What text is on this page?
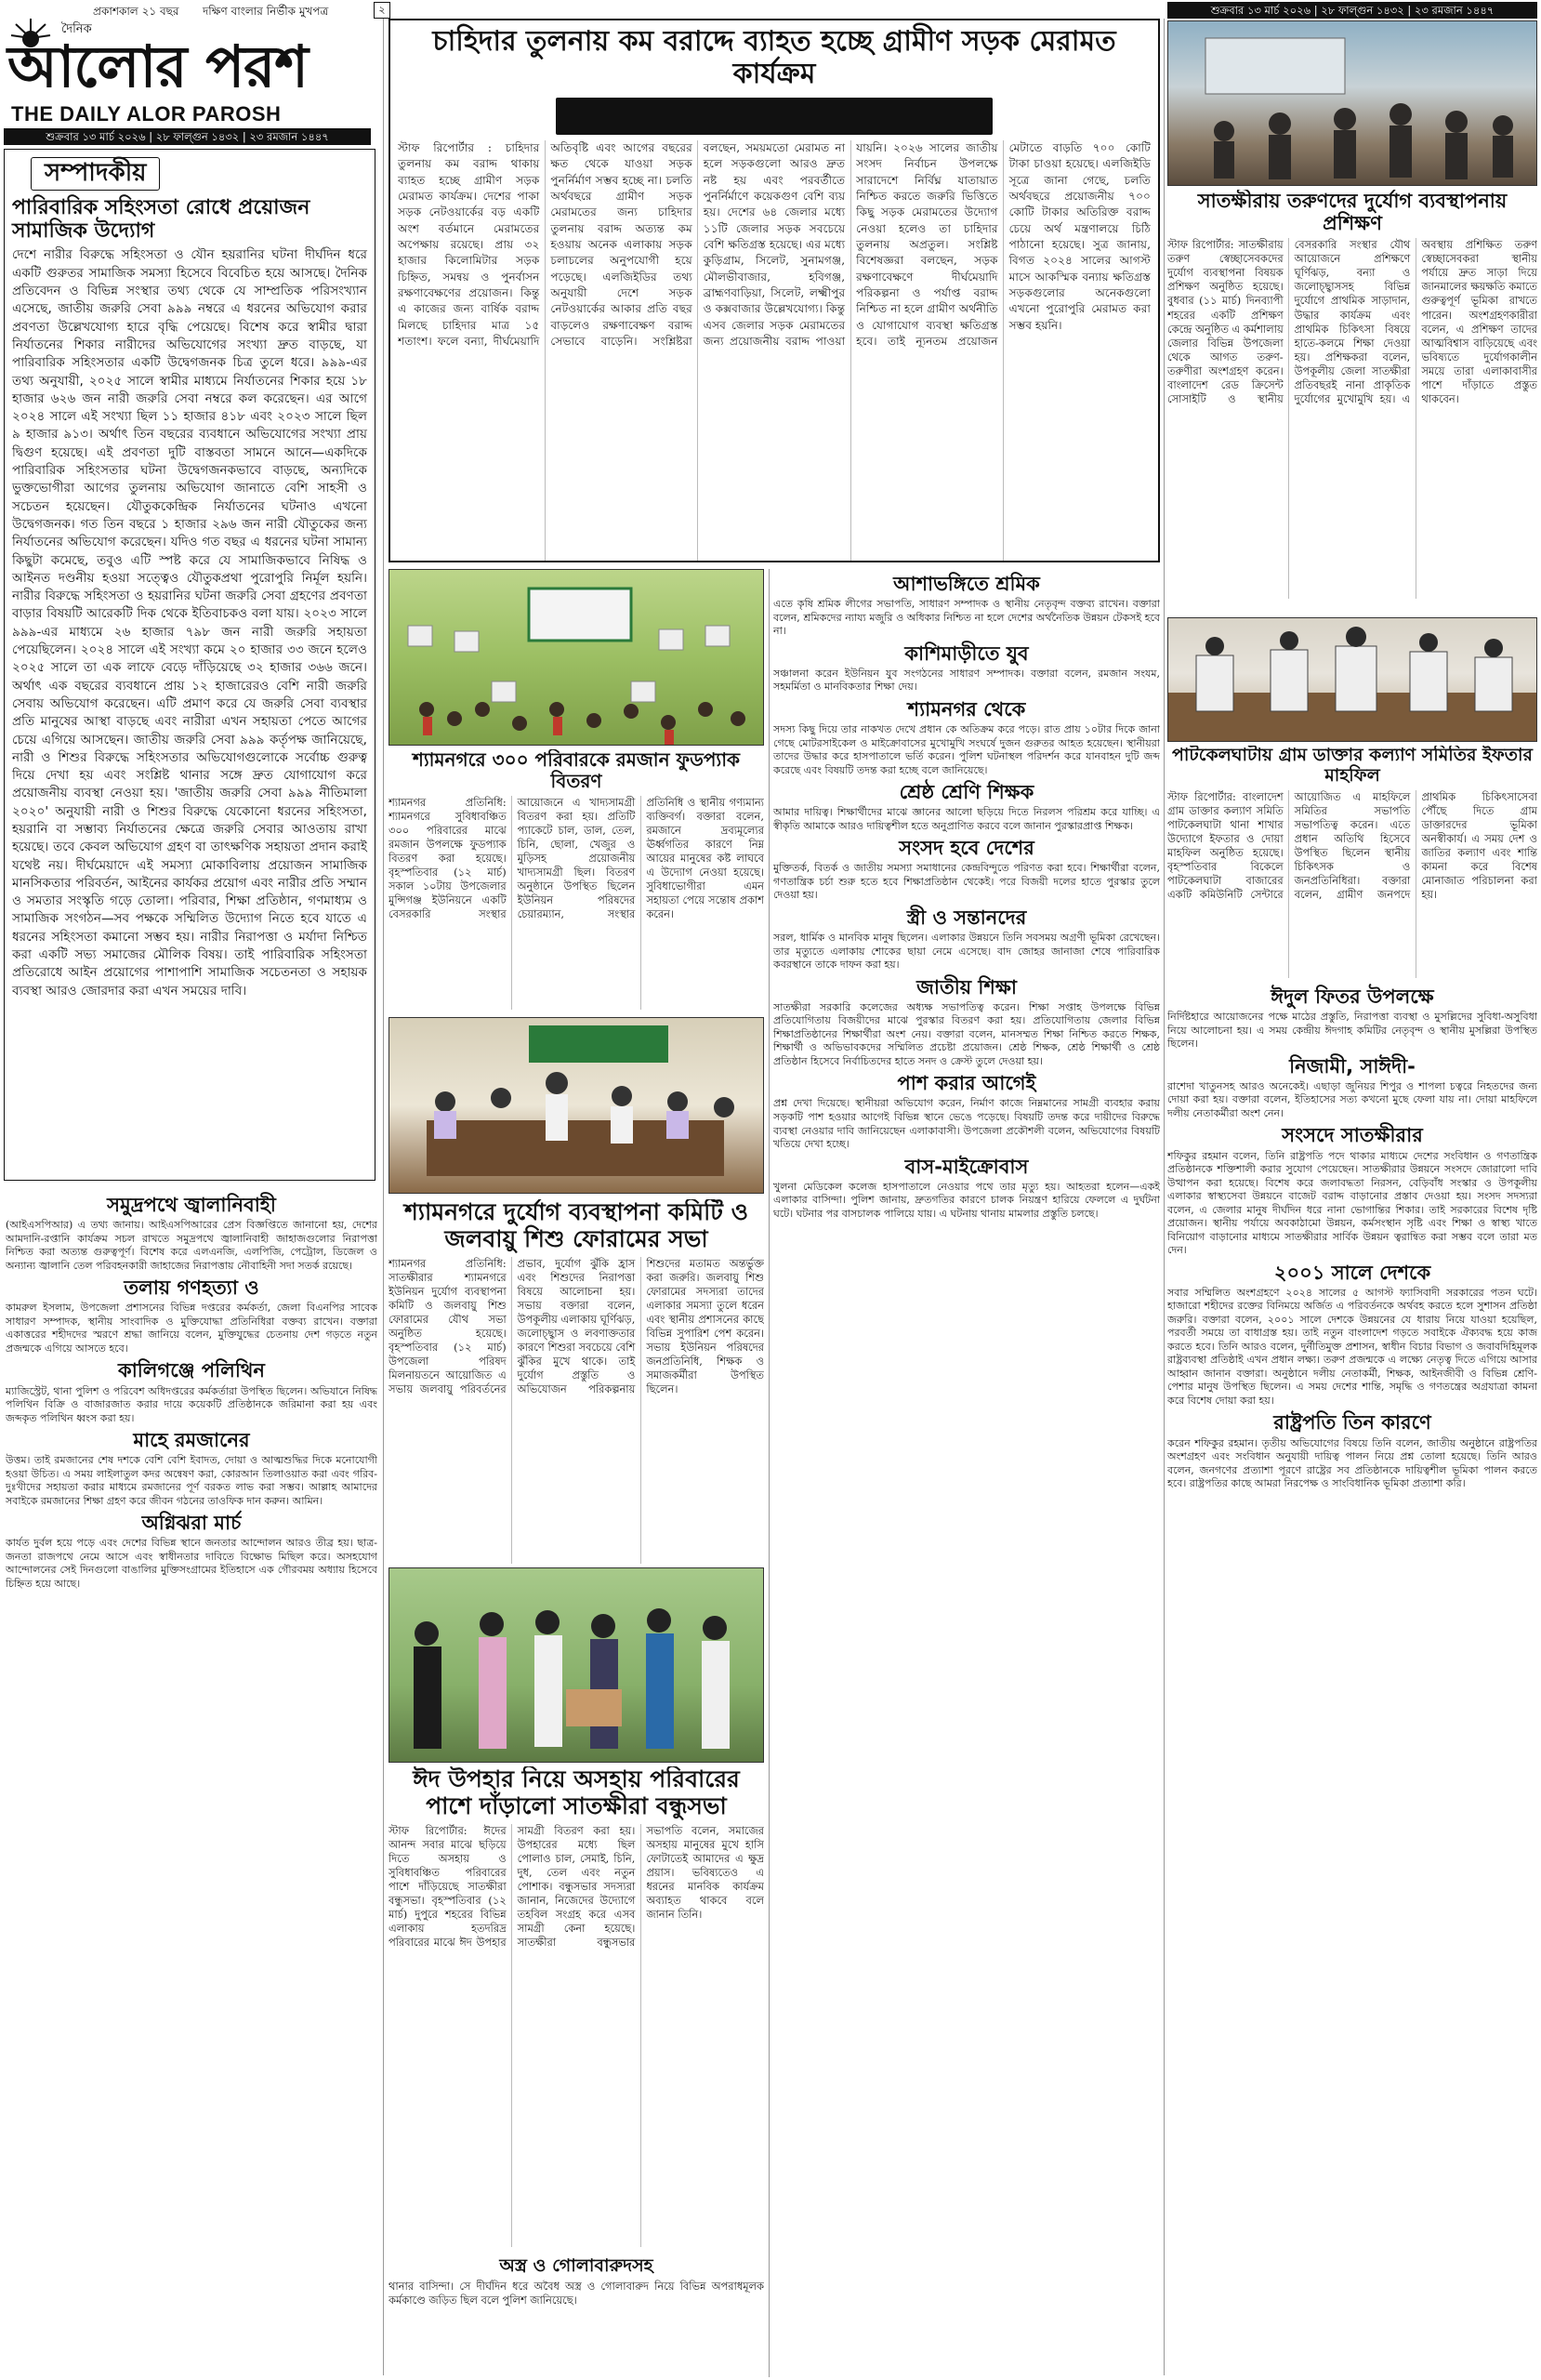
প্রকাশকাল ২১ বছর দক্ষিণ বাংলার নির্ভীক মুখপত্র
দৈনিক
আলোর পরশ
THE DAILY ALOR PAROSH
শুক্রবার ১৩ মার্চ ২০২৬ | ২৮ ফাল্গুন ১৪৩২ | ২৩ রমজান ১৪৪৭
২	শুক্রবার ১৩ মার্চ ২০২৬ | ২৮ ফাল্গুন ১৪৩২ | ২৩ রমজান ১৪৪৭
সম্পাদকীয়
পারিবারিক সহিংসতা রোধে প্রয়োজন সামাজিক উদ্যোগ

দেশে নারীর বিরুদ্ধে সহিংসতা ও যৌন হয়রানির ঘটনা দীর্ঘদিন ধরে একটি গুরুতর সামাজিক সমস্যা হিসেবে বিবেচিত হয়ে আসছে। দৈনিক প্রতিবেদন ও বিভিন্ন সংস্থার তথ্য থেকে যে সাম্প্রতিক পরিসংখ্যান এসেছে, জাতীয় জরুরি সেবা ৯৯৯ নম্বরে এ ধরনের অভিযোগ করার প্রবণতা উল্লেখযোগ্য হারে বৃদ্ধি পেয়েছে। বিশেষ করে স্বামীর দ্বারা নির্যাতনের শিকার নারীদের অভিযোগের সংখ্যা দ্রুত বাড়ছে, যা পারিবারিক সহিংসতার একটি উদ্বেগজনক চিত্র তুলে ধরে। ৯৯৯-এর তথ্য অনুযায়ী, ২০২৫ সালে স্বামীর মাধ্যমে নির্যাতনের শিকার হয়ে ১৮ হাজার ৬২৬ জন নারী জরুরি সেবা নম্বরে কল করেছেন। এর আগে ২০২৪ সালে এই সংখ্যা ছিল ১১ হাজার ৪১৮ এবং ২০২৩ সালে ছিল ৯ হাজার ৯১৩। অর্থাৎ তিন বছরের ব্যবধানে অভিযোগের সংখ্যা প্রায় দ্বিগুণ হয়েছে। এই প্রবণতা দুটি বাস্তবতা সামনে আনে—একদিকে পারিবারিক সহিংসতার ঘটনা উদ্বেগজনকভাবে বাড়ছে, অন্যদিকে ভুক্তভোগীরা আগের তুলনায় অভিযোগ জানাতে বেশি সাহসী ও সচেতন হয়েছেন। যৌতুককেন্দ্রিক নির্যাতনের ঘটনাও এখনো উদ্বেগজনক। গত তিন বছরে ১ হাজার ২৯৬ জন নারী যৌতুকের জন্য নির্যাতনের অভিযোগ করেছেন। যদিও গত বছর এ ধরনের ঘটনা সামান্য কিছুটা কমেছে, তবুও এটি স্পষ্ট করে যে সামাজিকভাবে নিষিদ্ধ ও আইনত দণ্ডনীয় হওয়া সত্ত্বেও যৌতুকপ্রথা পুরোপুরি নির্মূল হয়নি। নারীর বিরুদ্ধে সহিংসতা ও হয়রানির ঘটনা জরুরি সেবা গ্রহণের প্রবণতা বাড়ার বিষয়টি আরেকটি দিক থেকে ইতিবাচকও বলা যায়। ২০২৩ সালে ৯৯৯-এর মাধ্যমে ২৬ হাজার ৭৯৮ জন নারী জরুরি সহায়তা পেয়েছিলেন। ২০২৪ সালে এই সংখ্যা কমে ২০ হাজার ৩৩ জনে হলেও ২০২৫ সালে তা এক লাফে বেড়ে দাঁড়িয়েছে ৩২ হাজার ৩৬৬ জনে। অর্থাৎ এক বছরের ব্যবধানে প্রায় ১২ হাজারেরও বেশি নারী জরুরি সেবায় অভিযোগ করেছেন। এটি প্রমাণ করে যে জরুরি সেবা ব্যবস্থার প্রতি মানুষের আস্থা বাড়ছে এবং নারীরা এখন সহায়তা পেতে আগের চেয়ে এগিয়ে আসছেন। জাতীয় জরুরি সেবা ৯৯৯ কর্তৃপক্ষ জানিয়েছে, নারী ও শিশুর বিরুদ্ধে সহিংসতার অভিযোগগুলোকে সর্বোচ্চ গুরুত্ব দিয়ে দেখা হয় এবং সংশ্লিষ্ট থানার সঙ্গে দ্রুত যোগাযোগ করে প্রয়োজনীয় ব্যবস্থা নেওয়া হয়। 'জাতীয় জরুরি সেবা ৯৯৯ নীতিমালা ২০২০' অনুযায়ী নারী ও শিশুর বিরুদ্ধে যেকোনো ধরনের সহিংসতা, হয়রানি বা সম্ভাব্য নির্যাতনের ক্ষেত্রে জরুরি সেবার আওতায় রাখা হয়েছে। তবে কেবল অভিযোগ গ্রহণ বা তাৎক্ষণিক সহায়তা প্রদান করাই যথেষ্ট নয়। দীর্ঘমেয়াদে এই সমস্যা মোকাবিলায় প্রয়োজন সামাজিক মানসিকতার পরিবর্তন, আইনের কার্যকর প্রয়োগ এবং নারীর প্রতি সম্মান ও সমতার সংস্কৃতি গড়ে তোলা। পরিবার, শিক্ষা প্রতিষ্ঠান, গণমাধ্যম ও সামাজিক সংগঠন—সব পক্ষকে সম্মিলিত উদ্যোগ নিতে হবে যাতে এ ধরনের সহিংসতা কমানো সম্ভব হয়। নারীর নিরাপত্তা ও মর্যাদা নিশ্চিত করা একটি সভ্য সমাজের মৌলিক বিষয়। তাই পারিবারিক সহিংসতা প্রতিরোধে আইন প্রয়োগের পাশাপাশি সামাজিক সচেতনতা ও সহায়ক ব্যবস্থা আরও জোরদার করা এখন সময়ের দাবি।

চাহিদার তুলনায় কম বরাদ্দে ব্যাহত হচ্ছে গ্রামীণ সড়ক মেরামত কার্যক্রম

স্টাফ রিপোর্টার : চাহিদার তুলনায় কম বরাদ্দ থাকায় ব্যাহত হচ্ছে গ্রামীণ সড়ক মেরামত কার্যক্রম। দেশের পাকা সড়ক নেটওয়ার্কের বড় একটি অংশ বর্তমানে মেরামতের অপেক্ষায় রয়েছে। প্রায় ৩২ হাজার কিলোমিটার সড়ক চিহ্নিত, সমন্বয় ও পুনর্বাসন রক্ষণাবেক্ষণের প্রয়োজন। কিন্তু এ কাজের জন্য বার্ষিক বরাদ্দ মিলছে চাহিদার মাত্র ১৫ শতাংশ। ফলে বন্যা, দীর্ঘমেয়াদি অতিবৃষ্টি এবং আগের বছরের ক্ষত থেকে যাওয়া সড়ক পুনর্নির্মাণ সম্ভব হচ্ছে না। চলতি অর্থবছরে গ্রামীণ সড়ক মেরামতের জন্য চাহিদার তুলনায় বরাদ্দ অত্যন্ত কম হওয়ায় অনেক এলাকায় সড়ক চলাচলের অনুপযোগী হয়ে পড়েছে। এলজিইডির তথ্য অনুযায়ী দেশে সড়ক নেটওয়ার্কের আকার প্রতি বছর বাড়লেও রক্ষণাবেক্ষণ বরাদ্দ সেভাবে বাড়েনি। সংশ্লিষ্টরা বলছেন, সময়মতো মেরামত না হলে সড়কগুলো আরও দ্রুত নষ্ট হয় এবং পরবর্তীতে পুনর্নির্মাণে কয়েকগুণ বেশি ব্যয় হয়। দেশের ৬৪ জেলার মধ্যে ১১টি জেলার সড়ক সবচেয়ে বেশি ক্ষতিগ্রস্ত হয়েছে। এর মধ্যে কুড়িগ্রাম, সিলেট, সুনামগঞ্জ, মৌলভীবাজার, হবিগঞ্জ, ব্রাহ্মণবাড়িয়া, সিলেট, লক্ষ্মীপুর ও কক্সবাজার উল্লেখযোগ্য। কিন্তু এসব জেলার সড়ক মেরামতের জন্য প্রয়োজনীয় বরাদ্দ পাওয়া যায়নি। ২০২৬ সালের জাতীয় সংসদ নির্বাচন উপলক্ষে সারাদেশে নির্বিঘ্ন যাতায়াত নিশ্চিত করতে জরুরি ভিত্তিতে কিছু সড়ক মেরামতের উদ্যোগ নেওয়া হলেও তা চাহিদার তুলনায় অপ্রতুল। সংশ্লিষ্ট বিশেষজ্ঞরা বলছেন, সড়ক রক্ষণাবেক্ষণে দীর্ঘমেয়াদি পরিকল্পনা ও পর্যাপ্ত বরাদ্দ নিশ্চিত না হলে গ্রামীণ অর্থনীতি ও যোগাযোগ ব্যবস্থা ক্ষতিগ্রস্ত হবে। তাই ন্যূনতম প্রয়োজন মেটাতে বাড়তি ৭০০ কোটি টাকা চাওয়া হয়েছে। এলজিইডি সূত্রে জানা গেছে, চলতি অর্থবছরে প্রয়োজনীয় ৭০০ কোটি টাকার অতিরিক্ত বরাদ্দ চেয়ে অর্থ মন্ত্রণালয়ে চিঠি পাঠানো হয়েছে। সুত্র জানায়, বিগত ২০২৪ সালের আগস্ট মাসে আকস্মিক বন্যায় ক্ষতিগ্রস্ত সড়কগুলোর অনেকগুলো এখনো পুরোপুরি মেরামত করা সম্ভব হয়নি।

সাতক্ষীরায় তরুণদের দুর্যোগ ব্যবস্থাপনায় প্রশিক্ষণ

স্টাফ রিপোর্টার: সাতক্ষীরায় তরুণ স্বেচ্ছাসেবকদের দুর্যোগ ব্যবস্থাপনা বিষয়ক প্রশিক্ষণ অনুষ্ঠিত হয়েছে। বুধবার (১১ মার্চ) দিনব্যাপী শহরের একটি প্রশিক্ষণ কেন্দ্রে অনুষ্ঠিত এ কর্মশালায় জেলার বিভিন্ন উপজেলা থেকে আগত তরুণ-তরুণীরা অংশগ্রহণ করেন। বাংলাদেশ রেড ক্রিসেন্ট সোসাইটি ও স্থানীয় বেসরকারি সংস্থার যৌথ আয়োজনে প্রশিক্ষণে ঘূর্ণিঝড়, বন্যা ও জলোচ্ছ্বাসসহ বিভিন্ন দুর্যোগে প্রাথমিক সাড়াদান, উদ্ধার কার্যক্রম এবং প্রাথমিক চিকিৎসা বিষয়ে হাতে-কলমে শিক্ষা দেওয়া হয়। প্রশিক্ষকরা বলেন, উপকূলীয় জেলা সাতক্ষীরা প্রতিবছরই নানা প্রাকৃতিক দুর্যোগের মুখোমুখি হয়। এ অবস্থায় প্রশিক্ষিত তরুণ স্বেচ্ছাসেবকরা স্থানীয় পর্যায়ে দ্রুত সাড়া দিয়ে জানমালের ক্ষয়ক্ষতি কমাতে গুরুত্বপূর্ণ ভূমিকা রাখতে পারেন। অংশগ্রহণকারীরা বলেন, এ প্রশিক্ষণ তাদের আত্মবিশ্বাস বাড়িয়েছে এবং ভবিষ্যতে দুর্যোগকালীন সময়ে তারা এলাকাবাসীর পাশে দাঁড়াতে প্রস্তুত থাকবেন।

পাটকেলঘাটায় গ্রাম ডাক্তার কল্যাণ সমিতির ইফতার মাহফিল

স্টাফ রিপোর্টার: বাংলাদেশ গ্রাম ডাক্তার কল্যাণ সমিতি পাটকেলঘাটা থানা শাখার উদ্যোগে ইফতার ও দোয়া মাহফিল অনুষ্ঠিত হয়েছে। বৃহস্পতিবার বিকেলে পাটকেলঘাটা বাজারের একটি কমিউনিটি সেন্টারে আয়োজিত এ মাহফিলে সমিতির সভাপতি সভাপতিত্ব করেন। এতে প্রধান অতিথি হিসেবে উপস্থিত ছিলেন স্থানীয় চিকিৎসক ও জনপ্রতিনিধিরা। বক্তারা বলেন, গ্রামীণ জনপদে প্রাথমিক চিকিৎসাসেবা পৌঁছে দিতে গ্রাম ডাক্তারদের ভূমিকা অনস্বীকার্য। এ সময় দেশ ও জাতির কল্যাণ এবং শান্তি কামনা করে বিশেষ মোনাজাত পরিচালনা করা হয়।

শ্যামনগরে ৩০০ পরিবারকে রমজান ফুডপ্যাক বিতরণ

শ্যামনগর প্রতিনিধি: শ্যামনগরে সুবিধাবঞ্চিত ৩০০ পরিবারের মাঝে রমজান উপলক্ষে ফুডপ্যাক বিতরণ করা হয়েছে। বৃহস্পতিবার (১২ মার্চ) সকাল ১০টায় উপজেলার মুন্সিগঞ্জ ইউনিয়নে একটি বেসরকারি সংস্থার আয়োজনে এ খাদ্যসামগ্রী বিতরণ করা হয়। প্রতিটি প্যাকেটে চাল, ডাল, তেল, চিনি, ছোলা, খেজুর ও মুড়িসহ প্রয়োজনীয় খাদ্যসামগ্রী ছিল। বিতরণ অনুষ্ঠানে উপস্থিত ছিলেন ইউনিয়ন পরিষদের চেয়ারম্যান, সংস্থার প্রতিনিধি ও স্থানীয় গণ্যমান্য ব্যক্তিবর্গ। বক্তারা বলেন, রমজানে দ্রব্যমূল্যের ঊর্ধ্বগতির কারণে নিম্ন আয়ের মানুষের কষ্ট লাঘবে এ উদ্যোগ নেওয়া হয়েছে। সুবিধাভোগীরা এমন সহায়তা পেয়ে সন্তোষ প্রকাশ করেন।

শ্যামনগরে দুর্যোগ ব্যবস্থাপনা কমিটি ও জলবায়ু শিশু ফোরামের সভা

শ্যামনগর প্রতিনিধি: সাতক্ষীরার শ্যামনগরে ইউনিয়ন দুর্যোগ ব্যবস্থাপনা কমিটি ও জলবায়ু শিশু ফোরামের যৌথ সভা অনুষ্ঠিত হয়েছে। বৃহস্পতিবার (১২ মার্চ) উপজেলা পরিষদ মিলনায়তনে আয়োজিত এ সভায় জলবায়ু পরিবর্তনের প্রভাব, দুর্যোগ ঝুঁকি হ্রাস এবং শিশুদের নিরাপত্তা বিষয়ে আলোচনা হয়। সভায় বক্তারা বলেন, উপকূলীয় এলাকায় ঘূর্ণিঝড়, জলোচ্ছ্বাস ও লবণাক্ততার কারণে শিশুরা সবচেয়ে বেশি ঝুঁকির মুখে থাকে। তাই দুর্যোগ প্রস্তুতি ও অভিযোজন পরিকল্পনায় শিশুদের মতামত অন্তর্ভুক্ত করা জরুরি। জলবায়ু শিশু ফোরামের সদস্যরা তাদের এলাকার সমস্যা তুলে ধরেন এবং স্থানীয় প্রশাসনের কাছে বিভিন্ন সুপারিশ পেশ করেন। সভায় ইউনিয়ন পরিষদের জনপ্রতিনিধি, শিক্ষক ও সমাজকর্মীরা উপস্থিত ছিলেন।

ঈদ উপহার নিয়ে অসহায় পরিবারের পাশে দাঁড়ালো সাতক্ষীরা বন্ধুসভা

স্টাফ রিপোর্টার: ঈদের আনন্দ সবার মাঝে ছড়িয়ে দিতে অসহায় ও সুবিধাবঞ্চিত পরিবারের পাশে দাঁড়িয়েছে সাতক্ষীরা বন্ধুসভা। বৃহস্পতিবার (১২ মার্চ) দুপুরে শহরের বিভিন্ন এলাকায় হতদরিদ্র পরিবারের মাঝে ঈদ উপহার সামগ্রী বিতরণ করা হয়। উপহারের মধ্যে ছিল পোলাও চাল, সেমাই, চিনি, দুধ, তেল এবং নতুন পোশাক। বন্ধুসভার সদস্যরা জানান, নিজেদের উদ্যোগে তহবিল সংগ্রহ করে এসব সামগ্রী কেনা হয়েছে। সাতক্ষীরা বন্ধুসভার সভাপতি বলেন, সমাজের অসহায় মানুষের মুখে হাসি ফোটাতেই আমাদের এ ক্ষুদ্র প্রয়াস। ভবিষ্যতেও এ ধরনের মানবিক কার্যক্রম অব্যাহত থাকবে বলে জানান তিনি।

অস্ত্র ও গোলাবারুদসহ

থানার বাসিন্দা। সে দীর্ঘদিন ধরে অবৈধ অস্ত্র ও গোলাবারুদ নিয়ে বিভিন্ন অপরাধমূলক কর্মকাণ্ডে জড়িত ছিল বলে পুলিশ জানিয়েছে।

আশাভঙ্গিতে শ্রমিক

এতে কৃষি শ্রমিক লীগের সভাপতি, সাধারণ সম্পাদক ও স্থানীয় নেতৃবৃন্দ বক্তব্য রাখেন। বক্তারা বলেন, শ্রমিকদের ন্যায্য মজুরি ও অধিকার নিশ্চিত না হলে দেশের অর্থনৈতিক উন্নয়ন টেকসই হবে না।

কাশিমাড়ীতে যুব

সঞ্চালনা করেন ইউনিয়ন যুব সংগঠনের সাধারণ সম্পাদক। বক্তারা বলেন, রমজান সংযম, সহমর্মিতা ও মানবিকতার শিক্ষা দেয়।

শ্যামনগর থেকে

সদস্য কিছু দিয়ে তার নাকখত দেখে প্রধান কে অতিক্রম করে পড়ে। রাত প্রায় ১০টার দিকে জানা গেছে মোটরসাইকেল ও মাইক্রোবাসের মুখোমুখি সংঘর্ষে দুজন গুরুতর আহত হয়েছেন। স্থানীয়রা তাদের উদ্ধার করে হাসপাতালে ভর্তি করেন। পুলিশ ঘটনাস্থল পরিদর্শন করে যানবাহন দুটি জব্দ করেছে এবং বিষয়টি তদন্ত করা হচ্ছে বলে জানিয়েছে।

শ্রেষ্ঠ শ্রেণি শিক্ষক

আমার দায়িত্ব। শিক্ষার্থীদের মাঝে জ্ঞানের আলো ছড়িয়ে দিতে নিরলস পরিশ্রম করে যাচ্ছি। এ স্বীকৃতি আমাকে আরও দায়িত্বশীল হতে অনুপ্রাণিত করবে বলে জানান পুরস্কারপ্রাপ্ত শিক্ষক।

সংসদ হবে দেশের

মুক্তিতর্ক, বিতর্ক ও জাতীয় সমস্যা সমাধানের কেন্দ্রবিন্দুতে পরিণত করা হবে। শিক্ষার্থীরা বলেন, গণতান্ত্রিক চর্চা শুরু হতে হবে শিক্ষাপ্রতিষ্ঠান থেকেই। পরে বিজয়ী দলের হাতে পুরস্কার তুলে দেওয়া হয়।

স্ত্রী ও সন্তানদের

সরল, ধার্মিক ও মানবিক মানুষ ছিলেন। এলাকার উন্নয়নে তিনি সবসময় অগ্রণী ভূমিকা রেখেছেন। তার মৃত্যুতে এলাকায় শোকের ছায়া নেমে এসেছে। বাদ জোহর জানাজা শেষে পারিবারিক কবরস্থানে তাকে দাফন করা হয়।

জাতীয় শিক্ষা

সাতক্ষীরা সরকারি কলেজের অধ্যক্ষ সভাপতিত্ব করেন। শিক্ষা সপ্তাহ উপলক্ষে বিভিন্ন প্রতিযোগিতায় বিজয়ীদের মাঝে পুরস্কার বিতরণ করা হয়। প্রতিযোগিতায় জেলার বিভিন্ন শিক্ষাপ্রতিষ্ঠানের শিক্ষার্থীরা অংশ নেয়। বক্তারা বলেন, মানসম্মত শিক্ষা নিশ্চিত করতে শিক্ষক, শিক্ষার্থী ও অভিভাবকদের সম্মিলিত প্রচেষ্টা প্রয়োজন। শ্রেষ্ঠ শিক্ষক, শ্রেষ্ঠ শিক্ষার্থী ও শ্রেষ্ঠ প্রতিষ্ঠান হিসেবে নির্বাচিতদের হাতে সনদ ও ক্রেস্ট তুলে দেওয়া হয়।

পাশ করার আগেই

প্রশ্ন দেখা দিয়েছে। স্থানীয়রা অভিযোগ করেন, নির্মাণ কাজে নিম্নমানের সামগ্রী ব্যবহার করায় সড়কটি পাশ হওয়ার আগেই বিভিন্ন স্থানে ভেঙে পড়েছে। বিষয়টি তদন্ত করে দায়ীদের বিরুদ্ধে ব্যবস্থা নেওয়ার দাবি জানিয়েছেন এলাকাবাসী। উপজেলা প্রকৌশলী বলেন, অভিযোগের বিষয়টি খতিয়ে দেখা হচ্ছে।

বাস-মাইক্রোবাস

খুলনা মেডিকেল কলেজ হাসপাতালে নেওয়ার পথে তার মৃত্যু হয়। আহতরা হলেন—একই এলাকার বাসিন্দা। পুলিশ জানায়, দ্রুতগতির কারণে চালক নিয়ন্ত্রণ হারিয়ে ফেললে এ দুর্ঘটনা ঘটে। ঘটনার পর বাসচালক পালিয়ে যায়। এ ঘটনায় থানায় মামলার প্রস্তুতি চলছে।

ঈদুল ফিতর উপলক্ষে

নির্দিষ্টহারে আয়োজনের পক্ষে মাঠের প্রস্তুতি, নিরাপত্তা ব্যবস্থা ও মুসল্লিদের সুবিধা-অসুবিধা নিয়ে আলোচনা হয়। এ সময় কেন্দ্রীয় ঈদগাহ কমিটির নেতৃবৃন্দ ও স্থানীয় মুসল্লিরা উপস্থিত ছিলেন।

নিজামী, সাঈদী-

রাশেদা খাতুনসহ আরও অনেকেই। এছাড়া জুনিয়র শিপুর ও শাপলা চত্বরে নিহতদের জন্য দোয়া করা হয়। বক্তারা বলেন, ইতিহাসের সত্য কখনো মুছে ফেলা যায় না। দোয়া মাহফিলে দলীয় নেতাকর্মীরা অংশ নেন।

সংসদে সাতক্ষীরার

শফিকুর রহমান বলেন, তিনি রাষ্ট্রপতি পদে থাকার মাধ্যমে দেশের সংবিধান ও গণতান্ত্রিক প্রতিষ্ঠানকে শক্তিশালী করার সুযোগ পেয়েছেন। সাতক্ষীরার উন্নয়নে সংসদে জোরালো দাবি উত্থাপন করা হয়েছে। বিশেষ করে জলাবদ্ধতা নিরসন, বেড়িবাঁধ সংস্কার ও উপকূলীয় এলাকার স্বাস্থ্যসেবা উন্নয়নে বাজেট বরাদ্দ বাড়ানোর প্রস্তাব দেওয়া হয়। সংসদ সদস্যরা বলেন, এ জেলার মানুষ দীর্ঘদিন ধরে নানা ভোগান্তির শিকার। তাই সরকারের বিশেষ দৃষ্টি প্রয়োজন। স্থানীয় পর্যায়ে অবকাঠামো উন্নয়ন, কর্মসংস্থান সৃষ্টি এবং শিক্ষা ও স্বাস্থ্য খাতে বিনিয়োগ বাড়ানোর মাধ্যমে সাতক্ষীরার সার্বিক উন্নয়ন ত্বরান্বিত করা সম্ভব বলে তারা মত দেন।

২০০১ সালে দেশকে

সবার সম্মিলিত অংশগ্রহণে ২০২৪ সালের ৫ আগস্ট ফ্যাসিবাদী সরকারের পতন ঘটে। হাজারো শহীদের রক্তের বিনিময়ে অর্জিত এ পরিবর্তনকে অর্থবহ করতে হলে সুশাসন প্রতিষ্ঠা জরুরি। বক্তারা বলেন, ২০০১ সালে দেশকে উন্নয়নের যে ধারায় নিয়ে যাওয়া হয়েছিল, পরবর্তী সময়ে তা বাধাগ্রস্ত হয়। তাই নতুন বাংলাদেশ গড়তে সবাইকে ঐক্যবদ্ধ হয়ে কাজ করতে হবে। তিনি আরও বলেন, দুর্নীতিমুক্ত প্রশাসন, স্বাধীন বিচার বিভাগ ও জবাবদিহিমূলক রাষ্ট্রব্যবস্থা প্রতিষ্ঠাই এখন প্রধান লক্ষ্য। তরুণ প্রজন্মকে এ লক্ষ্যে নেতৃত্ব দিতে এগিয়ে আসার আহ্বান জানান বক্তারা। অনুষ্ঠানে দলীয় নেতাকর্মী, শিক্ষক, আইনজীবী ও বিভিন্ন শ্রেণি-পেশার মানুষ উপস্থিত ছিলেন। এ সময় দেশের শান্তি, সমৃদ্ধি ও গণতন্ত্রের অগ্রযাত্রা কামনা করে বিশেষ দোয়া করা হয়।

রাষ্ট্রপতি তিন কারণে

করেন শফিকুর রহমান। তৃতীয় অভিযোগের বিষয়ে তিনি বলেন, জাতীয় অনুষ্ঠানে রাষ্ট্রপতির অংশগ্রহণ এবং সংবিধান অনুযায়ী দায়িত্ব পালন নিয়ে প্রশ্ন তোলা হয়েছে। তিনি আরও বলেন, জনগণের প্রত্যাশা পূরণে রাষ্ট্রের সব প্রতিষ্ঠানকে দায়িত্বশীল ভূমিকা পালন করতে হবে। রাষ্ট্রপতির কাছে আমরা নিরপেক্ষ ও সাংবিধানিক ভূমিকা প্রত্যাশা করি।

সমুদ্রপথে জ্বালানিবাহী

(আইএসপিআর) এ তথ্য জানায়। আইএসপিআরের প্রেস বিজ্ঞপ্তিতে জানানো হয়, দেশের আমদানি-রপ্তানি কার্যক্রম সচল রাখতে সমুদ্রপথে জ্বালানিবাহী জাহাজগুলোর নিরাপত্তা নিশ্চিত করা অত্যন্ত গুরুত্বপূর্ণ। বিশেষ করে এলএনজি, এলপিজি, পেট্রোল, ডিজেল ও অন্যান্য জ্বালানি তেল পরিবহনকারী জাহাজের নিরাপত্তায় নৌবাহিনী সদা সতর্ক রয়েছে।

তলায় গণহত্যা ও

কামরুল ইসলাম, উপজেলা প্রশাসনের বিভিন্ন দপ্তরের কর্মকর্তা, জেলা বিএনপির সাবেক সাধারণ সম্পাদক, স্থানীয় সাংবাদিক ও মুক্তিযোদ্ধা প্রতিনিধিরা বক্তব্য রাখেন। বক্তারা একাত্তরের শহীদদের স্মরণে শ্রদ্ধা জানিয়ে বলেন, মুক্তিযুদ্ধের চেতনায় দেশ গড়তে নতুন প্রজন্মকে এগিয়ে আসতে হবে।

কালিগঞ্জে পলিথিন

ম্যাজিস্ট্রেট, থানা পুলিশ ও পরিবেশ অধিদপ্তরের কর্মকর্তারা উপস্থিত ছিলেন। অভিযানে নিষিদ্ধ পলিথিন বিক্রি ও বাজারজাত করার দায়ে কয়েকটি প্রতিষ্ঠানকে জরিমানা করা হয় এবং জব্দকৃত পলিথিন ধ্বংস করা হয়।

মাহে রমজানের

উত্তম। তাই রমজানের শেষ দশকে বেশি বেশি ইবাদত, দোয়া ও আত্মশুদ্ধির দিকে মনোযোগী হওয়া উচিত। এ সময় লাইলাতুল কদর অন্বেষণ করা, কোরআন তিলাওয়াত করা এবং গরিব-দুঃখীদের সহায়তা করার মাধ্যমে রমজানের পূর্ণ বরকত লাভ করা সম্ভব। আল্লাহ আমাদের সবাইকে রমজানের শিক্ষা গ্রহণ করে জীবন গঠনের তাওফিক দান করুন। আমিন।

অগ্নিঝরা মার্চ

কার্যত দুর্বল হয়ে পড়ে এবং দেশের বিভিন্ন স্থানে জনতার আন্দোলন আরও তীব্র হয়। ছাত্র-জনতা রাজপথে নেমে আসে এবং স্বাধীনতার দাবিতে বিক্ষোভ মিছিল করে। অসহযোগ আন্দোলনের সেই দিনগুলো বাঙালির মুক্তিসংগ্রামের ইতিহাসে এক গৌরবময় অধ্যায় হিসেবে চিহ্নিত হয়ে আছে।
